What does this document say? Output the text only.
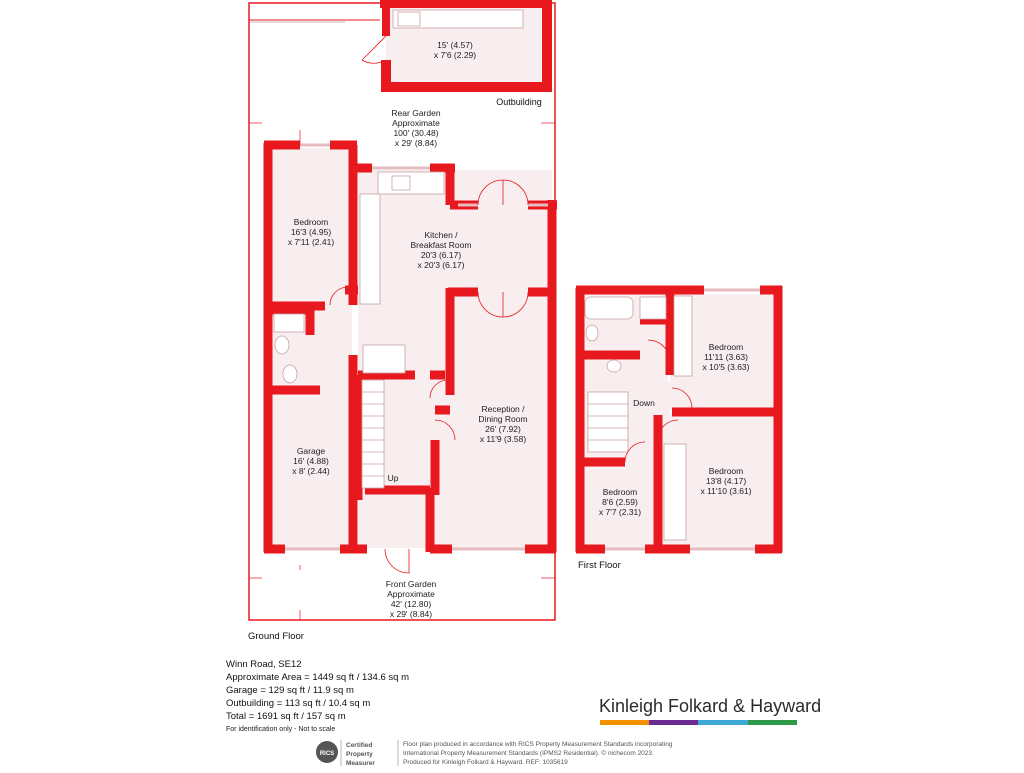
Outbuilding
15' (4.57)
x 7'6 (2.29)
Rear Garden
Approximate
100' (30.48)
x 29' (8.84)
Bedroom
16'3 (4.95)
x 7'11 (2.41)
Kitchen /
Breakfast Room
20'3 (6.17)
x 20'3 (6.17)
Reception /
Dining Room
26' (7.92)
x 11'9 (3.58)
Garage
16' (4.88)
x 8' (2.44)
Up
Front Garden
Approximate
42' (12.80)
x 29' (8.84)
Ground Floor
Bedroom
11'11 (3.63)
x 10'5 (3.63)
Bedroom
13'8 (4.17)
x 11'10 (3.61)
Bedroom
8'6 (2.59)
x 7'7 (2.31)
Down
First Floor
Winn Road, SE12
Approximate Area = 1449 sq ft / 134.6 sq m
Garage = 129 sq ft / 11.9 sq m
Outbuilding = 113 sq ft / 10.4 sq m
Total = 1691 sq ft / 157 sq m
For identification only - Not to scale
Kinleigh Folkard & Hayward
RICS
Certified
Property
Measurer
Floor plan produced in accordance with RICS Property Measurement Standards incorporating
International Property Measurement Standards (IPMS2 Residential). © nichecom 2023.
Produced for Kinleigh Folkard & Hayward. REF: 1035619
